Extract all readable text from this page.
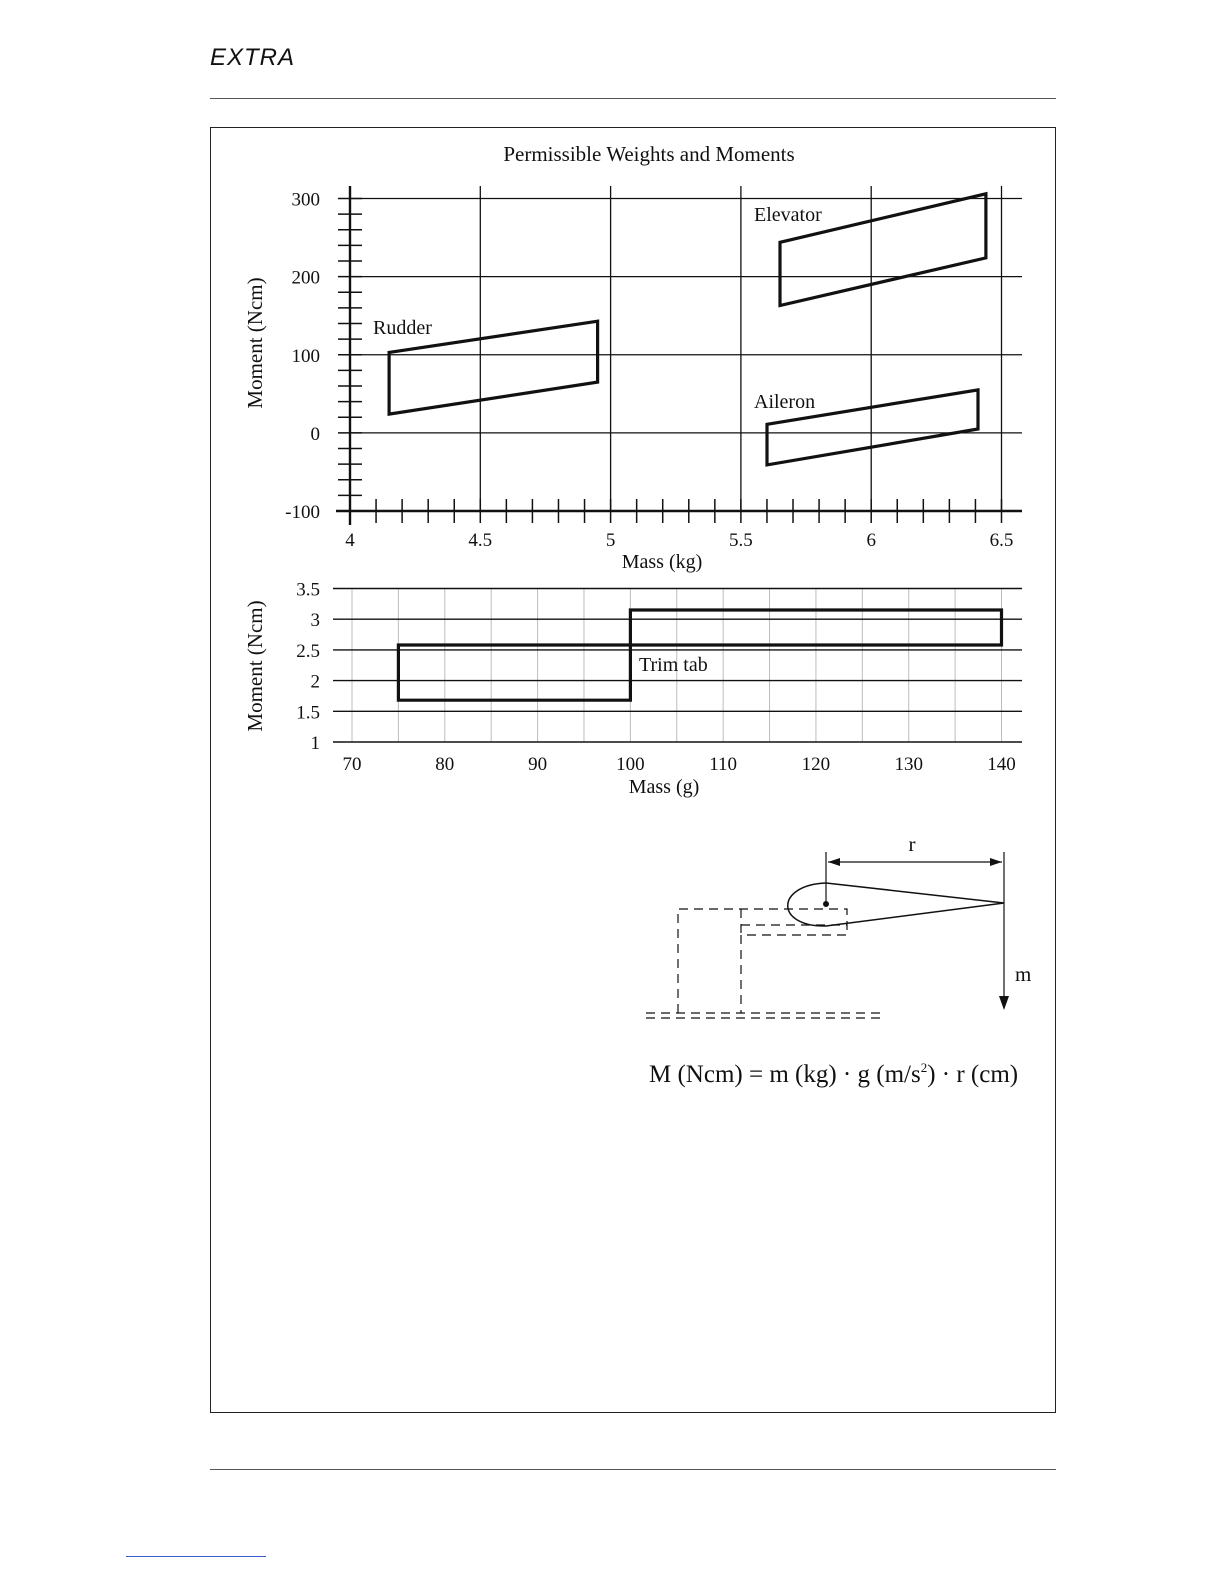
EXTRA
Permissible Weights and Moments
300
200
100
0
-100
4	4.5	5	5.5	6	6.5
Mass (kg)
Moment (Ncm)	Rudder
Elevator
Aileron
3.5
3
2.5
2
1.5
1
70	80	90	100	110	120	130	140
Mass (g)
Moment (Ncm)	Trim tab
r
m
M (Ncm) = m (kg) · g $(m/s^2) \cdot r$ (cm)
